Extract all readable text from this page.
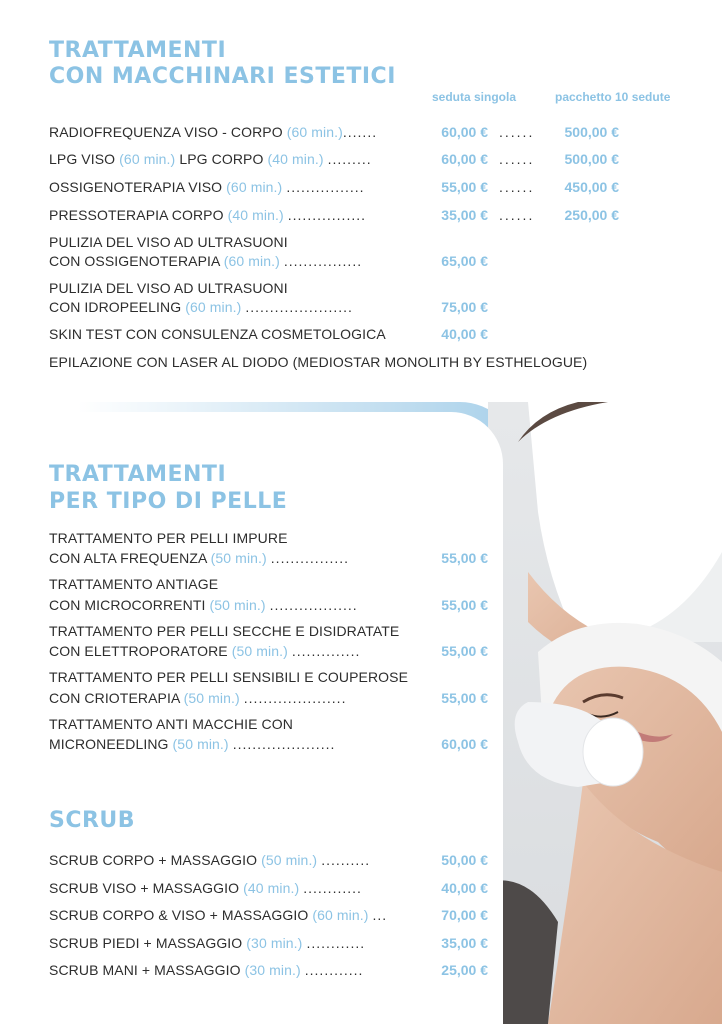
TRATTAMENTI
CON MACCHINARI ESTETICI
seduta singola	pacchetto 10 sedute
RADIOFREQUENZA VISO - CORPO (60 min.).......	60,00 € ......	500,00 €
LPG VISO (60 min.) LPG CORPO (40 min.) .........	60,00 € ......	500,00 €
OSSIGENOTERAPIA VISO (60 min.) ................	55,00 € ......	450,00 €
PRESSOTERAPIA CORPO (40 min.) ................	35,00 € ......	250,00 €
PULIZIA DEL VISO AD ULTRASUONI
CON OSSIGENOTERAPIA (60 min.) ................	65,00 €
PULIZIA DEL VISO AD ULTRASUONI
CON IDROPEELING (60 min.) ......................	75,00 €
SKIN TEST CON CONSULENZA COSMETOLOGICA	40,00 €
EPILAZIONE CON LASER AL DIODO (MEDIOSTAR MONOLITH BY ESTHELOGUE)
TRATTAMENTI
PER TIPO DI PELLE
TRATTAMENTO PER PELLI IMPURE
CON ALTA FREQUENZA (50 min.) ................	55,00 €
TRATTAMENTO ANTIAGE
CON MICROCORRENTI (50 min.) ..................	55,00 €
TRATTAMENTO PER PELLI SECCHE E DISIDRATATE
CON ELETTROPORATORE (50 min.) ..............	55,00 €
TRATTAMENTO PER PELLI SENSIBILI E COUPEROSE
CON CRIOTERAPIA (50 min.) .....................	55,00 €
TRATTAMENTO ANTI MACCHIE CON
MICRONEEDLING (50 min.) .....................	60,00 €
SCRUB
SCRUB CORPO + MASSAGGIO (50 min.) ..........	50,00 €
SCRUB VISO + MASSAGGIO (40 min.) ............	40,00 €
SCRUB CORPO & VISO + MASSAGGIO (60 min.) ...	70,00 €
SCRUB PIEDI + MASSAGGIO (30 min.) ............	35,00 €
SCRUB MANI + MASSAGGIO (30 min.) ............	25,00 €
